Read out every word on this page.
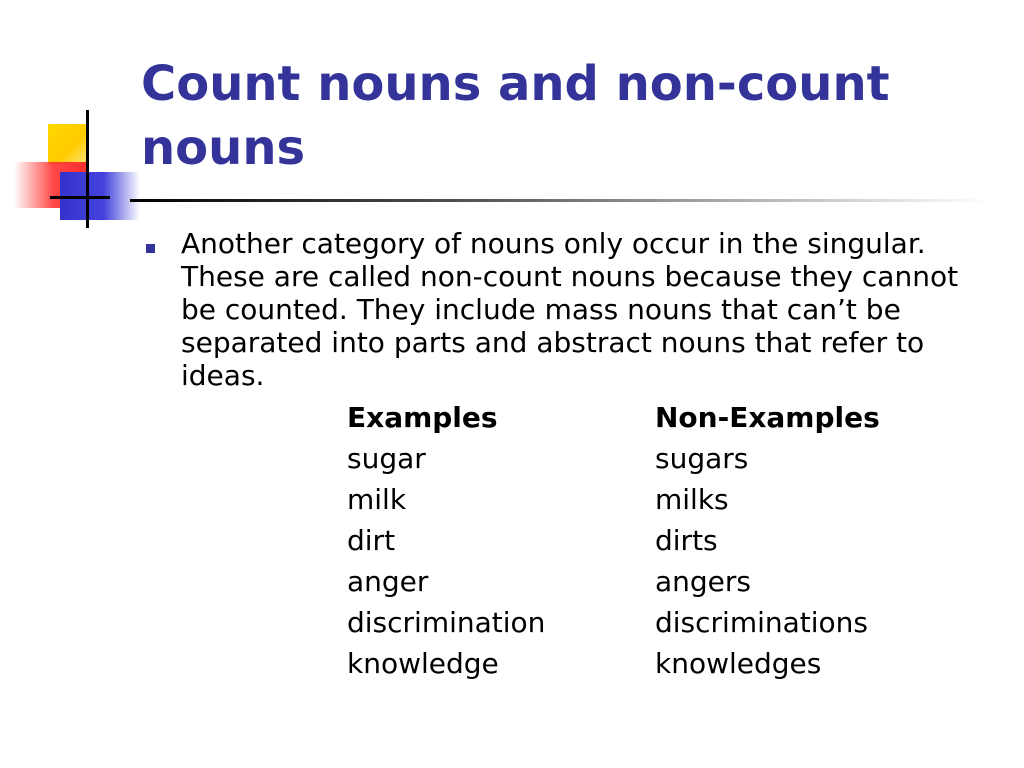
Count nouns and non-count nouns

Another category of nouns only occur in the singular. These are called non-count nouns because they cannot be counted. They include mass nouns that can’t be separated into parts and abstract nouns that refer to ideas.

Examples	Non-Examples
sugar	sugars
milk	milks
dirt	dirts
anger	angers
discrimination	discriminations
knowledge	knowledges
